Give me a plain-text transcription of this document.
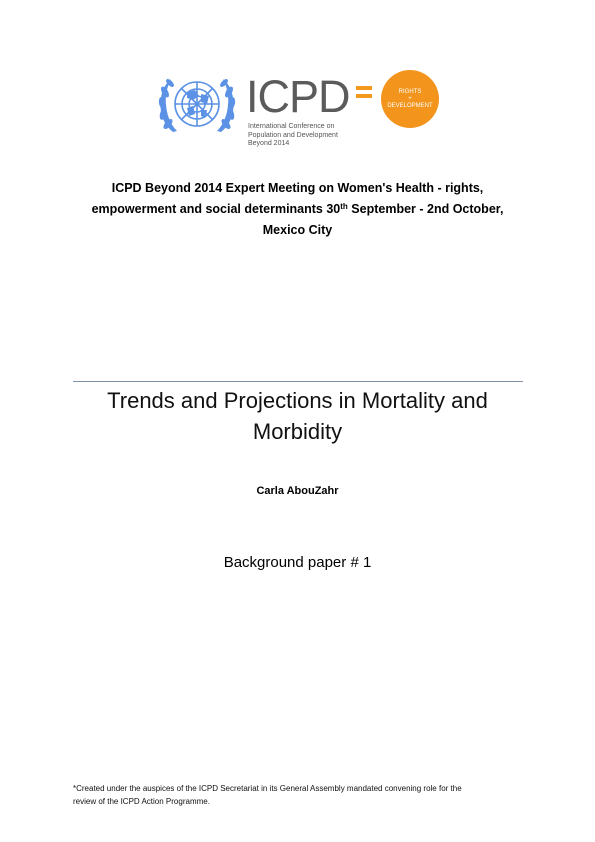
ICPD
International Conference on
Population and Development
Beyond 2014
RIGHTS
+
DEVELOPMENT
ICPD Beyond 2014 Expert Meeting on Women's Health - rights,
empowerment and social determinants 30th September - 2nd October,
Mexico City
Trends and Projections in Mortality and
Morbidity
Carla AbouZahr
Background paper # 1
*Created under the auspices of the ICPD Secretariat in its General Assembly mandated convening role for the
review of the ICPD Action Programme.
